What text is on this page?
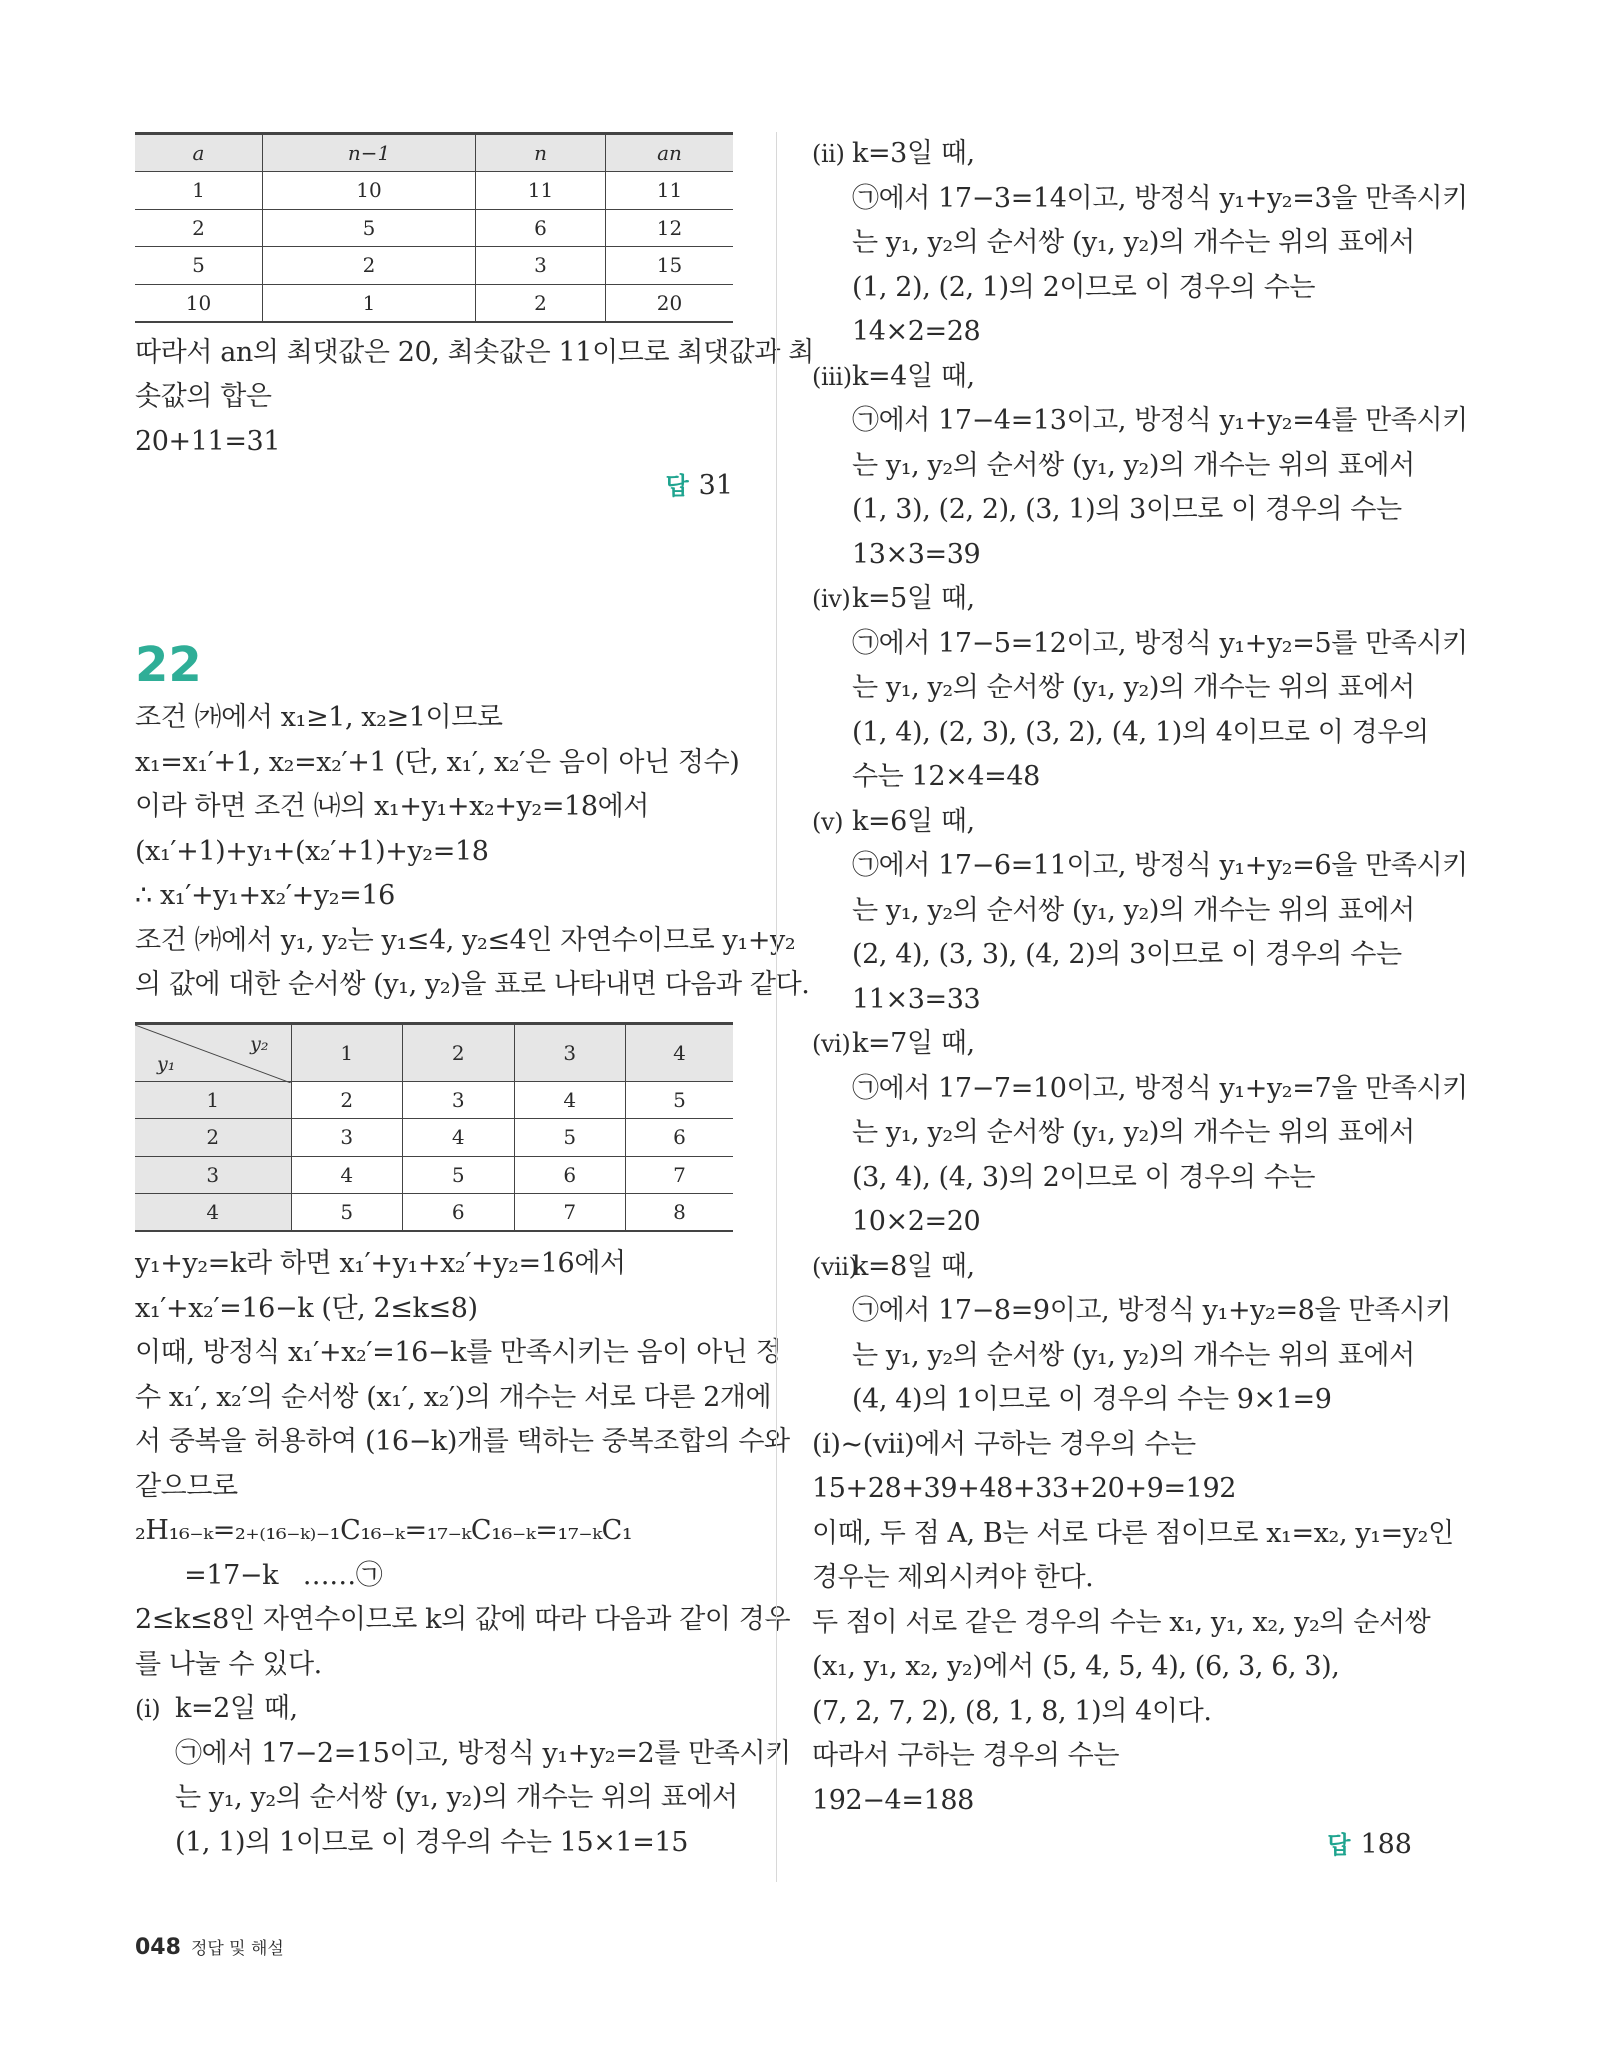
a	n−1	n	an
1	10	11	11
2	5	6	12
5	2	3	15
10	1	2	20
따라서 an의 최댓값은 20, 최솟값은 11이므로 최댓값과 최
솟값의 합은
20+11=31
답 31
22
조건 ㈎에서 x₁≥1, x₂≥1이므로
x₁=x₁′+1, x₂=x₂′+1 (단, x₁′, x₂′은 음이 아닌 정수)
이라 하면 조건 ㈏의 x₁+y₁+x₂+y₂=18에서
(x₁′+1)+y₁+(x₂′+1)+y₂=18
∴ x₁′+y₁+x₂′+y₂=16
조건 ㈎에서 y₁, y₂는 y₁≤4, y₂≤4인 자연수이므로 y₁+y₂
의 값에 대한 순서쌍 (y₁, y₂)을 표로 나타내면 다음과 같다.
y₂
y₁	1	2	3	4
1	2	3	4	5
2	3	4	5	6
3	4	5	6	7
4	5	6	7	8
y₁+y₂=k라 하면 x₁′+y₁+x₂′+y₂=16에서
x₁′+x₂′=16−k (단, 2≤k≤8)
이때, 방정식 x₁′+x₂′=16−k를 만족시키는 음이 아닌 정
수 x₁′, x₂′의 순서쌍 (x₁′, x₂′)의 개수는 서로 다른 2개에
서 중복을 허용하여 (16−k)개를 택하는 중복조합의 수와
같으므로
₂H₁₆₋ₖ=₂₊₍₁₆₋ₖ₎₋₁C₁₆₋ₖ=₁₇₋ₖC₁₆₋ₖ=₁₇₋ₖC₁
=17−k   ……㉠
2≤k≤8인 자연수이므로 k의 값에 따라 다음과 같이 경우
를 나눌 수 있다.
(i) k=2일 때,
㉠에서 17−2=15이고, 방정식 y₁+y₂=2를 만족시키
는 y₁, y₂의 순서쌍 (y₁, y₂)의 개수는 위의 표에서
(1, 1)의 1이므로 이 경우의 수는 15×1=15
(ii) k=3일 때,
㉠에서 17−3=14이고, 방정식 y₁+y₂=3을 만족시키
는 y₁, y₂의 순서쌍 (y₁, y₂)의 개수는 위의 표에서
(1, 2), (2, 1)의 2이므로 이 경우의 수는
14×2=28
(iii)k=4일 때,
㉠에서 17−4=13이고, 방정식 y₁+y₂=4를 만족시키
는 y₁, y₂의 순서쌍 (y₁, y₂)의 개수는 위의 표에서
(1, 3), (2, 2), (3, 1)의 3이므로 이 경우의 수는
13×3=39
(iv)k=5일 때,
㉠에서 17−5=12이고, 방정식 y₁+y₂=5를 만족시키
는 y₁, y₂의 순서쌍 (y₁, y₂)의 개수는 위의 표에서
(1, 4), (2, 3), (3, 2), (4, 1)의 4이므로 이 경우의
수는 12×4=48
(v) k=6일 때,
㉠에서 17−6=11이고, 방정식 y₁+y₂=6을 만족시키
는 y₁, y₂의 순서쌍 (y₁, y₂)의 개수는 위의 표에서
(2, 4), (3, 3), (4, 2)의 3이므로 이 경우의 수는
11×3=33
(vi)k=7일 때,
㉠에서 17−7=10이고, 방정식 y₁+y₂=7을 만족시키
는 y₁, y₂의 순서쌍 (y₁, y₂)의 개수는 위의 표에서
(3, 4), (4, 3)의 2이므로 이 경우의 수는
10×2=20
(vii)k=8일 때,
㉠에서 17−8=9이고, 방정식 y₁+y₂=8을 만족시키
는 y₁, y₂의 순서쌍 (y₁, y₂)의 개수는 위의 표에서
(4, 4)의 1이므로 이 경우의 수는 9×1=9
(i)~(vii)에서 구하는 경우의 수는
15+28+39+48+33+20+9=192
이때, 두 점 A, B는 서로 다른 점이므로 x₁=x₂, y₁=y₂인
경우는 제외시켜야 한다.
두 점이 서로 같은 경우의 수는 x₁, y₁, x₂, y₂의 순서쌍
(x₁, y₁, x₂, y₂)에서 (5, 4, 5, 4), (6, 3, 6, 3),
(7, 2, 7, 2), (8, 1, 8, 1)의 4이다.
따라서 구하는 경우의 수는
192−4=188
답 188
048 정답 및 해설
